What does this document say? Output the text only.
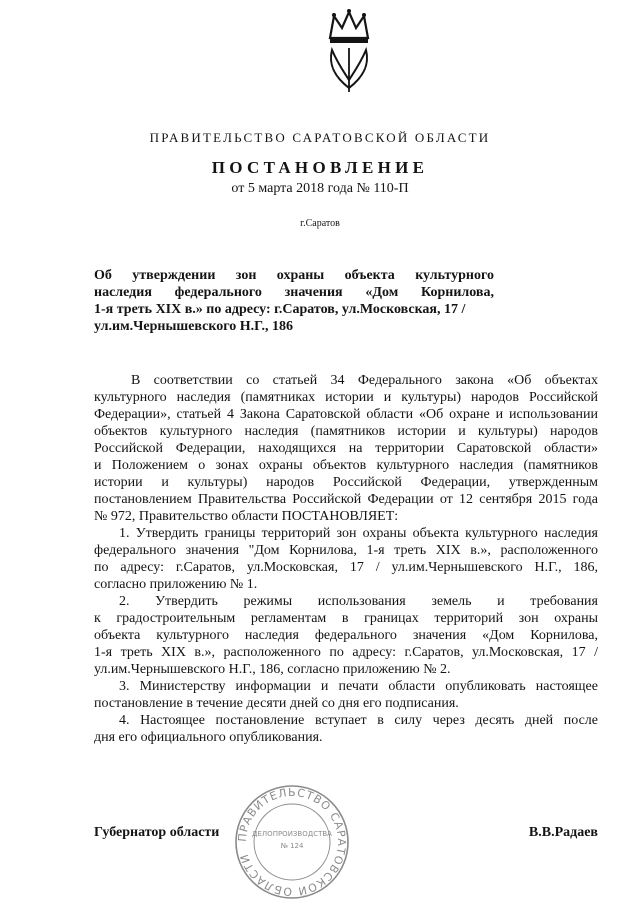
ПРАВИТЕЛЬСТВО САРАТОВСКОЙ ОБЛАСТИ
ПОСТАНОВЛЕНИЕ
от 5 марта 2018 года № 110-П
г.Саратов
Об утверждении зон охраны объекта культурного
наследия федерального значения «Дом Корнилова,
1-я треть XIX в.» по адресу: г.Саратов, ул.Московская, 17 /
ул.им.Чернышевского Н.Г., 186
В соответствии со статьей 34 Федерального закона «Об объектах
культурного наследия (памятниках истории и культуры) народов Российской
Федерации», статьей 4 Закона Саратовской области «Об охране и использовании
объектов культурного наследия (памятников истории и культуры) народов
Российской Федерации, находящихся на территории Саратовской области»
и Положением о зонах охраны объектов культурного наследия (памятников
истории и культуры) народов Российской Федерации, утвержденным
постановлением Правительства Российской Федерации от 12 сентября 2015 года
№ 972, Правительство области ПОСТАНОВЛЯЕТ:
1. Утвердить границы территорий зон охраны объекта культурного наследия
федерального значения "Дом Корнилова, 1-я треть XIX в.», расположенного
по адресу: г.Саратов, ул.Московская, 17 / ул.им.Чернышевского Н.Г., 186,
согласно приложению № 1.
2. Утвердить режимы использования земель и требования
к градостроительным регламентам в границах территорий зон охраны
объекта культурного наследия федерального значения «Дом Корнилова,
1-я треть XIX в.», расположенного по адресу: г.Саратов, ул.Московская, 17 /
ул.им.Чернышевского Н.Г., 186, согласно приложению № 2.
3. Министерству информации и печати области опубликовать настоящее
постановление в течение десяти дней со дня его подписания.
4. Настоящее постановление вступает в силу через десять дней после
дня его официального опубликования.
Губернатор области	В.В.Радаев
ПРАВИТЕЛЬСТВО САРАТОВСКОЙ ОБЛАСТИ
ДЕЛОПРОИЗВОДСТВА
№ 124
